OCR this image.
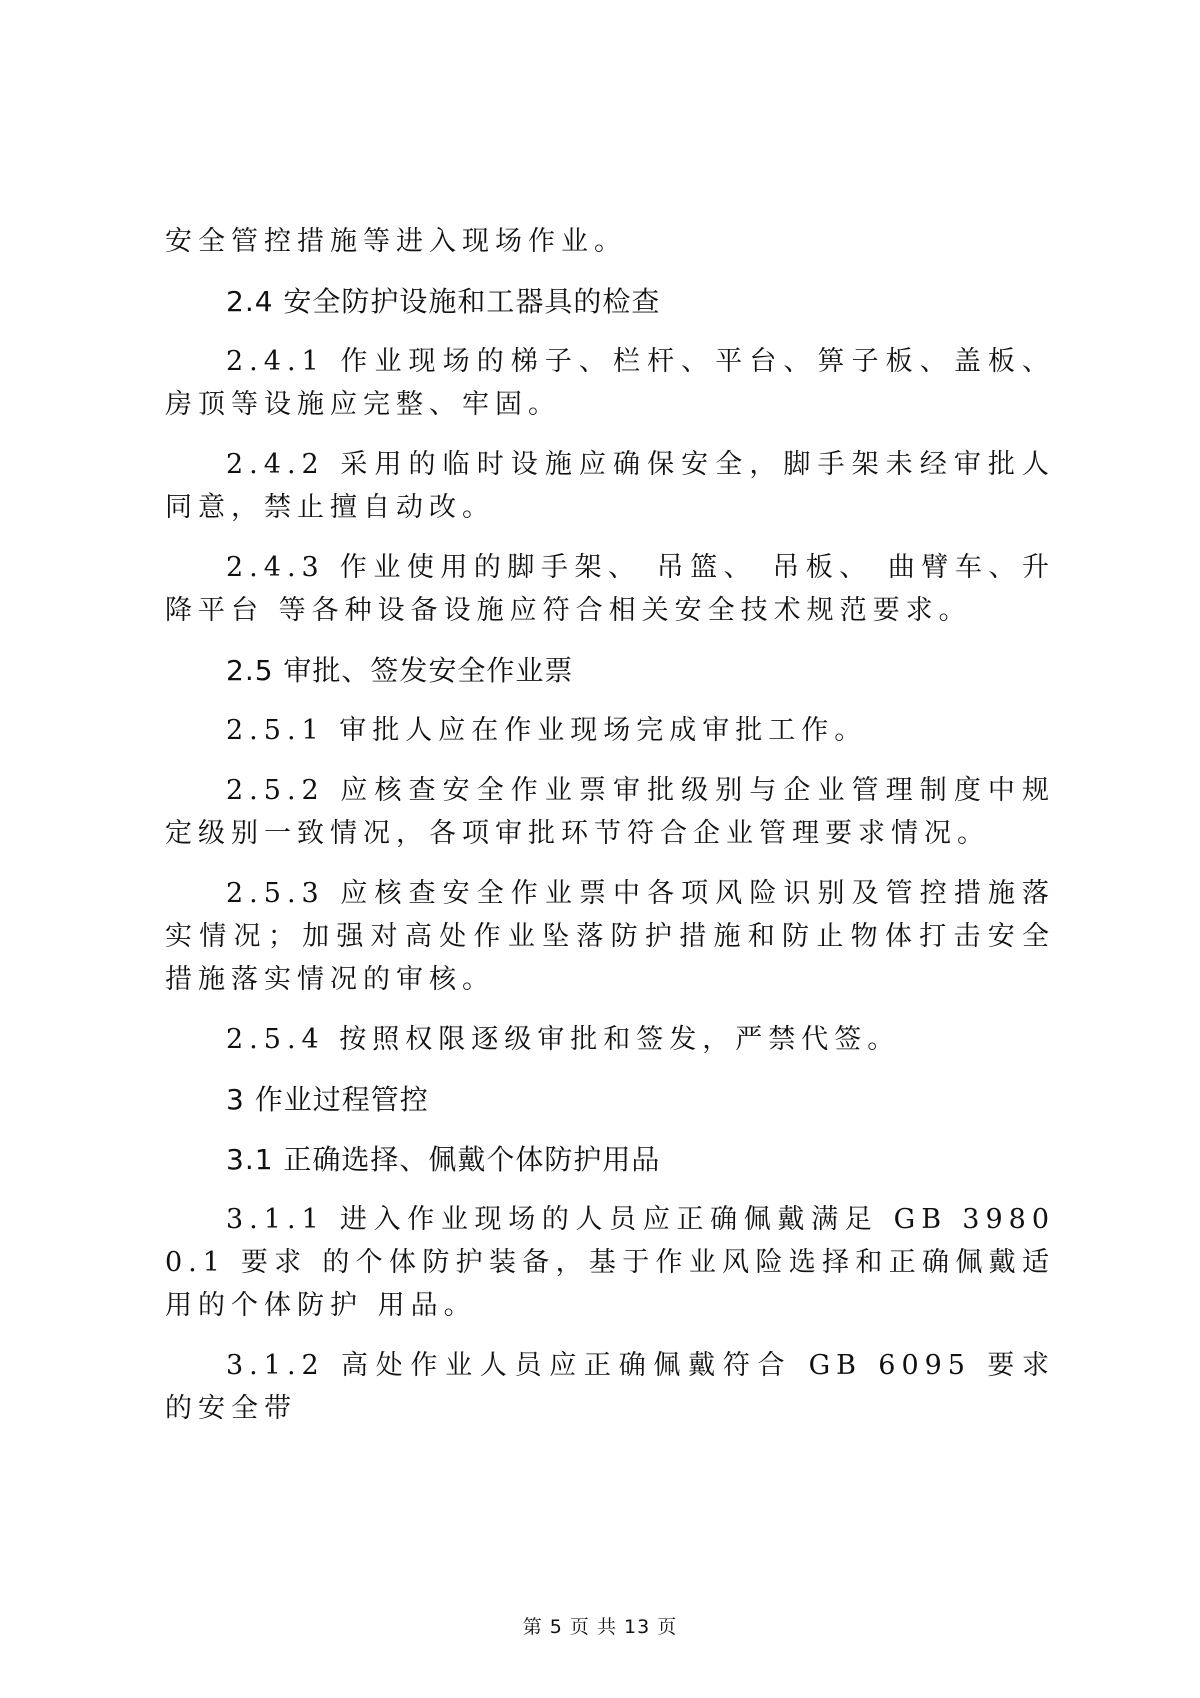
安全管控措施等进入现场作业。

2.4 安全防护设施和工器具的检查

2.4.1 作业现场的梯子、栏杆、平台、箅子板、盖板、房顶等设施应完整、牢固。

2.4.2 采用的临时设施应确保安全，脚手架未经审批人同意，禁止擅自动改。

2.4.3 作业使用的脚手架、 吊篮、 吊板、 曲臂车、升降平台 等各种设备设施应符合相关安全技术规范要求。

2.5 审批、签发安全作业票

2.5.1 审批人应在作业现场完成审批工作。

2.5.2 应核查安全作业票审批级别与企业管理制度中规定级别一致情况，各项审批环节符合企业管理要求情况。

2.5.3 应核查安全作业票中各项风险识别及管控措施落实情况；加强对高处作业坠落防护措施和防止物体打击安全措施落实情况的审核。

2.5.4 按照权限逐级审批和签发，严禁代签。

3 作业过程管控

3.1 正确选择、佩戴个体防护用品

3.1.1 进入作业现场的人员应正确佩戴满足 GB 39800.1 要求 的个体防护装备，基于作业风险选择和正确佩戴适用的个体防护 用品。

3.1.2 高处作业人员应正确佩戴符合 GB 6095 要求的安全带

第 5 页 共 13 页
